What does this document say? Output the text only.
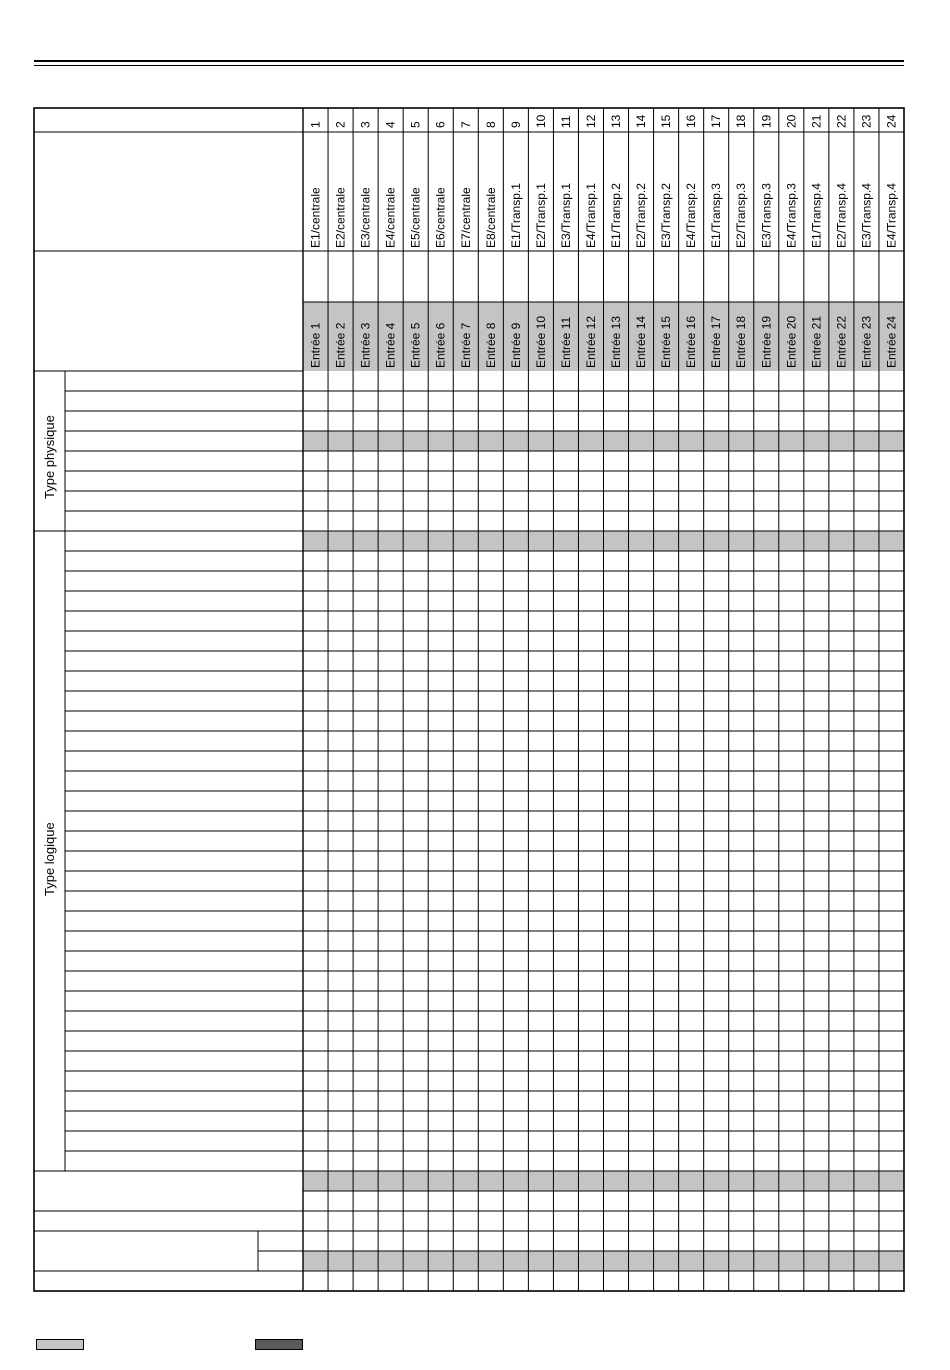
1
E1/centrale
Entrée 1
2
E2/centrale
Entrée 2
3
E3/centrale
Entrée 3
4
E4/centrale
Entrée 4
5
E5/centrale
Entrée 5
6
E6/centrale
Entrée 6
7
E7/centrale
Entrée 7
8
E8/centrale
Entrée 8
9
E1/Transp.1
Entrée 9
10
E2/Transp.1
Entrée 10
11
E3/Transp.1
Entrée 11
12
E4/Transp.1
Entrée 12
13
E1/Transp.2
Entrée 13
14
E2/Transp.2
Entrée 14
15
E3/Transp.2
Entrée 15
16
E4/Transp.2
Entrée 16
17
E1/Transp.3
Entrée 17
18
E2/Transp.3
Entrée 18
19
E3/Transp.3
Entrée 19
20
E4/Transp.3
Entrée 20
21
E1/Transp.4
Entrée 21
22
E2/Transp.4
Entrée 22
23
E3/Transp.4
Entrée 23
24
E4/Transp.4
Entrée 24
Type physique
Type logique
